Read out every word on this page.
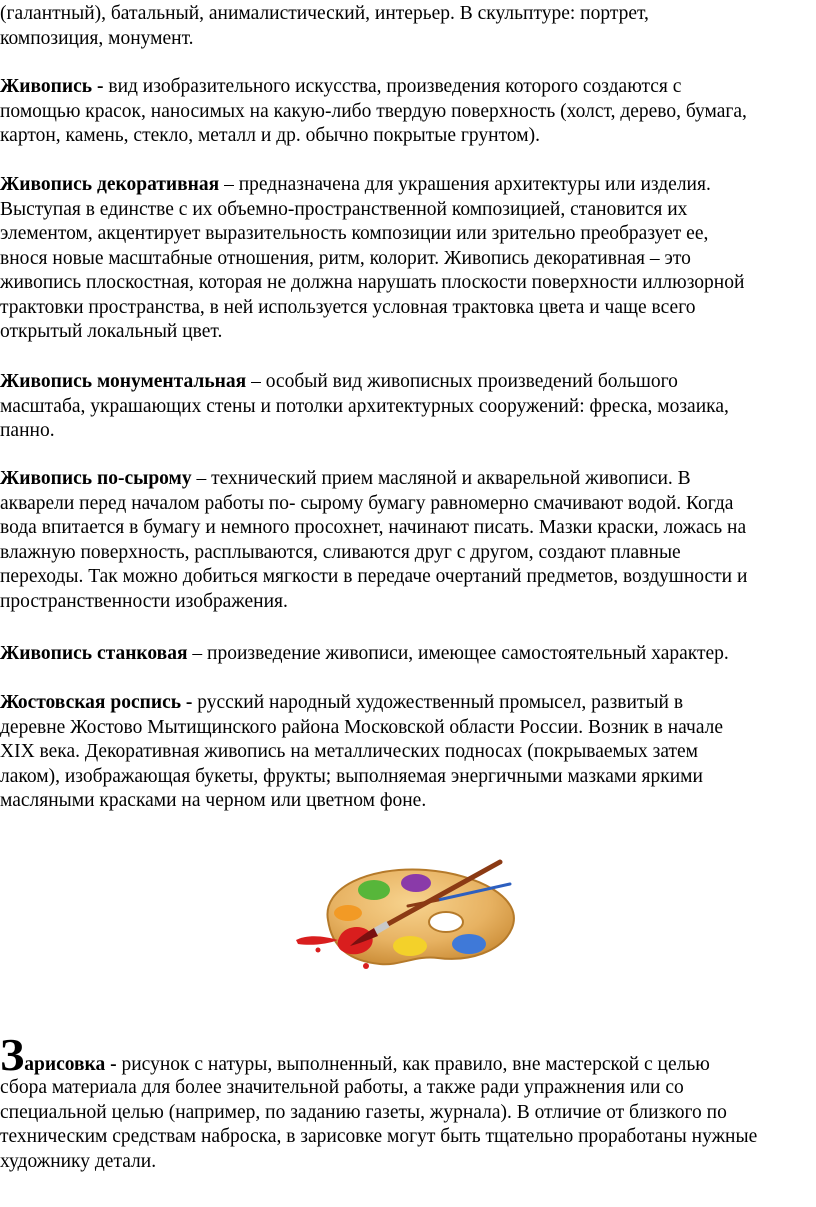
(галантный), батальный, анималистический, интерьер. В скульптуре: портрет,
композиция, монумент.

Живопись - вид изобразительного искусства, произведения которого создаются с
помощью красок, наносимых на какую-либо твердую поверхность (холст, дерево, бумага,
картон, камень, стекло, металл и др. обычно покрытые грунтом).

Живопись декоративная – предназначена для украшения архитектуры или изделия.
Выступая в единстве с их объемно-пространственной композицией, становится их
элементом, акцентирует выразительность композиции или зрительно преобразует ее,
внося новые масштабные отношения, ритм, колорит. Живопись декоративная – это
живопись плоскостная, которая не должна нарушать плоскости поверхности иллюзорной
трактовки пространства, в ней используется условная трактовка цвета и чаще всего
открытый локальный цвет.

Живопись монументальная – особый вид живописных произведений большого
масштаба, украшающих стены и потолки архитектурных сооружений: фреска, мозаика,
панно.

Живопись по-сырому – технический прием масляной и акварельной живописи. В
акварели перед началом работы по- сырому бумагу равномерно смачивают водой. Когда
вода впитается в бумагу и немного просохнет, начинают писать. Мазки краски, ложась на
влажную поверхность, расплываются, сливаются друг с другом, создают плавные
переходы. Так можно добиться мягкости в передаче очертаний предметов, воздушности и
пространственности изображения.

Живопись станковая – произведение живописи, имеющее самостоятельный характер.

Жостовская роспись - русский народный художественный промысел, развитый в
деревне Жостово Мытищинского района Московской области России. Возник в начале
XIX века. Декоративная живопись на металлических подносах (покрываемых затем
лаком), изображающая букеты, фрукты; выполняемая энергичными мазками яркими
масляными красками на черном или цветном фоне.

Зарисовка - рисунок с натуры, выполненный, как правило, вне мастерской с целью
сбора материала для более значительной работы, а также ради упражнения или со
специальной целью (например, по заданию газеты, журнала). В отличие от близкого по
техническим средствам наброска, в зарисовке могут быть тщательно проработаны нужные
художнику детали.
